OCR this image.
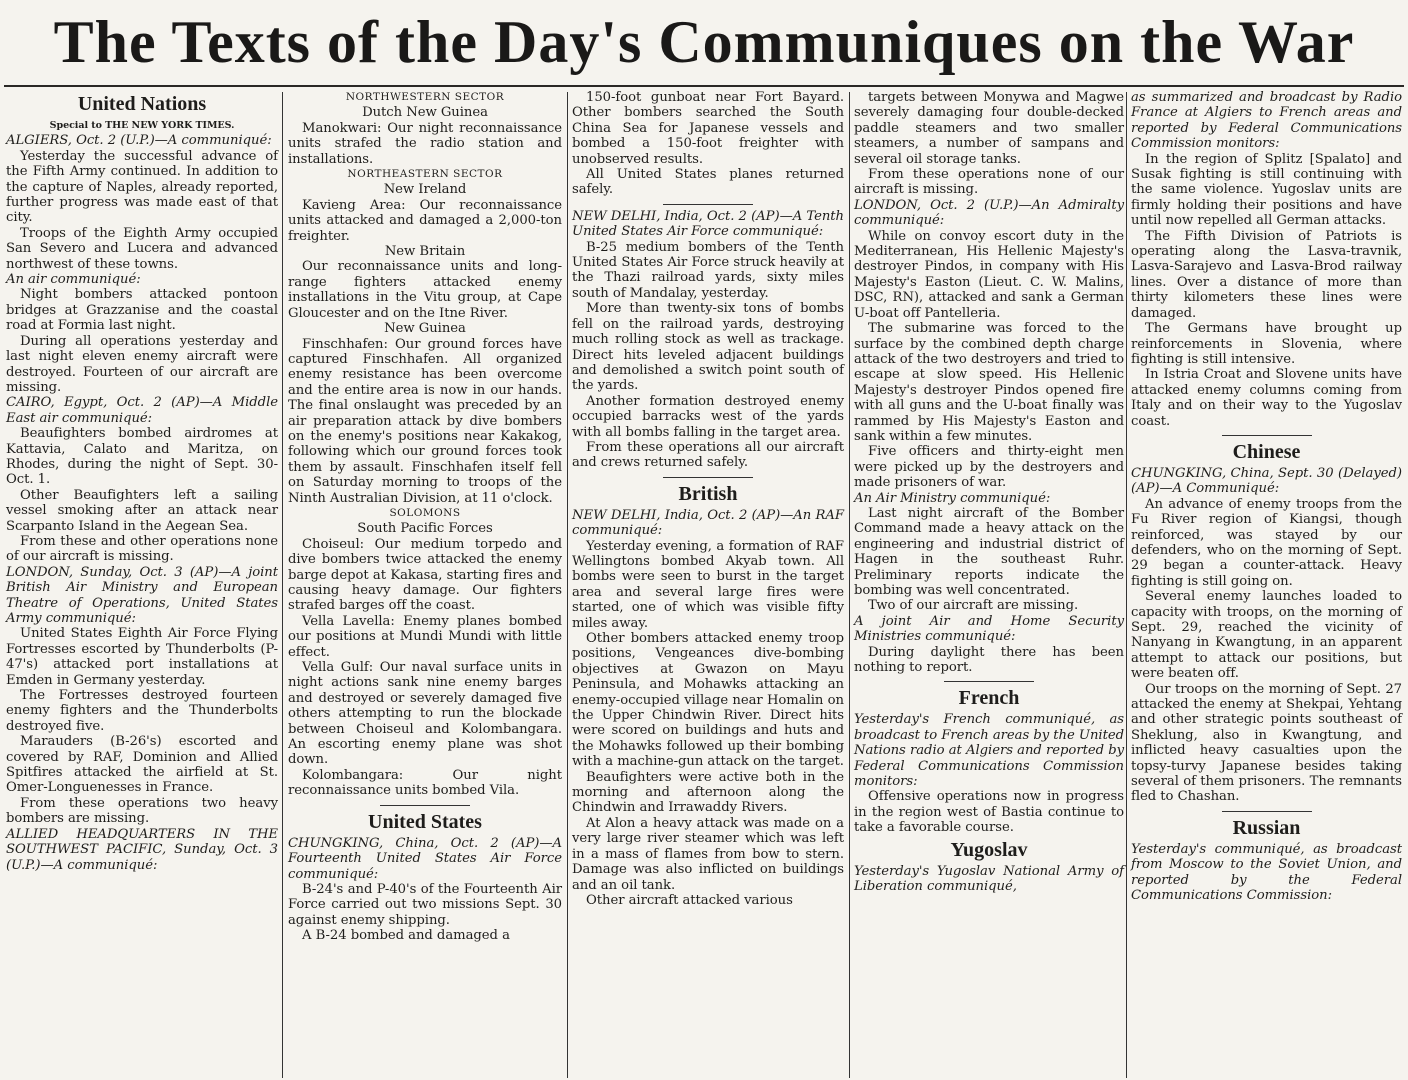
The Texts of the Day's Communiques on the War
United Nations

Special to THE NEW YORK TIMES.

ALGIERS, Oct. 2 (U.P.)—A communiqué:

Yesterday the successful advance of the Fifth Army continued. In addition to the capture of Naples, already reported, further progress was made east of that city.

Troops of the Eighth Army occupied San Severo and Lucera and advanced northwest of these towns.

An air communiqué:

Night bombers attacked pontoon bridges at Grazzanise and the coastal road at Formia last night.

During all operations yesterday and last night eleven enemy aircraft were destroyed. Fourteen of our aircraft are missing.

CAIRO, Egypt, Oct. 2 (AP)—A Middle East air communiqué:

Beaufighters bombed airdromes at Kattavia, Calato and Maritza, on Rhodes, during the night of Sept. 30-Oct. 1.

Other Beaufighters left a sailing vessel smoking after an attack near Scarpanto Island in the Aegean Sea.

From these and other operations none of our aircraft is missing.

LONDON, Sunday, Oct. 3 (AP)—A joint British Air Ministry and European Theatre of Operations, United States Army communiqué:

United States Eighth Air Force Flying Fortresses escorted by Thunderbolts (P-47's) attacked port installations at Emden in Germany yesterday.

The Fortresses destroyed fourteen enemy fighters and the Thunderbolts destroyed five.

Marauders (B-26's) escorted and covered by RAF, Dominion and Allied Spitfires attacked the airfield at St. Omer-Longuenesses in France.

From these operations two heavy bombers are missing.

ALLIED HEADQUARTERS IN THE SOUTHWEST PACIFIC, Sunday, Oct. 3 (U.P.)—A communiqué:

NORTHWESTERN SECTOR

Dutch New Guinea

Manokwari: Our night reconnaissance units strafed the radio station and installations.

NORTHEASTERN SECTOR

New Ireland

Kavieng Area: Our reconnaissance units attacked and damaged a 2,000-ton freighter.

New Britain

Our reconnaissance units and long-range fighters attacked enemy installations in the Vitu group, at Cape Gloucester and on the Itne River.

New Guinea

Finschhafen: Our ground forces have captured Finschhafen. All organized enemy resistance has been overcome and the entire area is now in our hands. The final onslaught was preceded by an air preparation attack by dive bombers on the enemy's positions near Kakakog, following which our ground forces took them by assault. Finschhafen itself fell on Saturday morning to troops of the Ninth Australian Division, at 11 o'clock.

SOLOMONS

South Pacific Forces

Choiseul: Our medium torpedo and dive bombers twice attacked the enemy barge depot at Kakasa, starting fires and causing heavy damage. Our fighters strafed barges off the coast.

Vella Lavella: Enemy planes bombed our positions at Mundi Mundi with little effect.

Vella Gulf: Our naval surface units in night actions sank nine enemy barges and destroyed or severely damaged five others attempting to run the blockade between Choiseul and Kolombangara. An escorting enemy plane was shot down.

Kolombangara: Our night reconnaissance units bombed Vila.

United States

CHUNGKING, China, Oct. 2 (AP)—A Fourteenth United States Air Force communiqué:

B-24's and P-40's of the Fourteenth Air Force carried out two missions Sept. 30 against enemy shipping.

A B-24 bombed and damaged a

150-foot gunboat near Fort Bayard. Other bombers searched the South China Sea for Japanese vessels and bombed a 150-foot freighter with unobserved results.

All United States planes returned safely.

NEW DELHI, India, Oct. 2 (AP)—A Tenth United States Air Force communiqué:

B-25 medium bombers of the Tenth United States Air Force struck heavily at the Thazi railroad yards, sixty miles south of Mandalay, yesterday.

More than twenty-six tons of bombs fell on the railroad yards, destroying much rolling stock as well as trackage. Direct hits leveled adjacent buildings and demolished a switch point south of the yards.

Another formation destroyed enemy occupied barracks west of the yards with all bombs falling in the target area.

From these operations all our aircraft and crews returned safely.

British

NEW DELHI, India, Oct. 2 (AP)—An RAF communiqué:

Yesterday evening, a formation of RAF Wellingtons bombed Akyab town. All bombs were seen to burst in the target area and several large fires were started, one of which was visible fifty miles away.

Other bombers attacked enemy troop positions, Vengeances dive-bombing objectives at Gwazon on Mayu Peninsula, and Mohawks attacking an enemy-occupied village near Homalin on the Upper Chindwin River. Direct hits were scored on buildings and huts and the Mohawks followed up their bombing with a machine-gun attack on the target.

Beaufighters were active both in the morning and afternoon along the Chindwin and Irrawaddy Rivers.

At Alon a heavy attack was made on a very large river steamer which was left in a mass of flames from bow to stern. Damage was also inflicted on buildings and an oil tank.

Other aircraft attacked various

targets between Monywa and Magwe severely damaging four double-decked paddle steamers and two smaller steamers, a number of sampans and several oil storage tanks.

From these operations none of our aircraft is missing.

LONDON, Oct. 2 (U.P.)—An Admiralty communiqué:

While on convoy escort duty in the Mediterranean, His Hellenic Majesty's destroyer Pindos, in company with His Majesty's Easton (Lieut. C. W. Malins, DSC, RN), attacked and sank a German U-boat off Pantelleria.

The submarine was forced to the surface by the combined depth charge attack of the two destroyers and tried to escape at slow speed. His Hellenic Majesty's destroyer Pindos opened fire with all guns and the U-boat finally was rammed by His Majesty's Easton and sank within a few minutes.

Five officers and thirty-eight men were picked up by the destroyers and made prisoners of war.

An Air Ministry communiqué:

Last night aircraft of the Bomber Command made a heavy attack on the engineering and industrial district of Hagen in the southeast Ruhr. Preliminary reports indicate the bombing was well concentrated.

Two of our aircraft are missing.

A joint Air and Home Security Ministries communiqué:

During daylight there has been nothing to report.

French

Yesterday's French communiqué, as broadcast to French areas by the United Nations radio at Algiers and reported by Federal Communications Commission monitors:

Offensive operations now in progress in the region west of Bastia continue to take a favorable course.

Yugoslav

Yesterday's Yugoslav National Army of Liberation communiqué,

as summarized and broadcast by Radio France at Algiers to French areas and reported by Federal Communications Commission monitors:

In the region of Splitz [Spalato] and Susak fighting is still continuing with the same violence. Yugoslav units are firmly holding their positions and have until now repelled all German attacks.

The Fifth Division of Patriots is operating along the Lasva-travnik, Lasva-Sarajevo and Lasva-Brod railway lines. Over a distance of more than thirty kilometers these lines were damaged.

The Germans have brought up reinforcements in Slovenia, where fighting is still intensive.

In Istria Croat and Slovene units have attacked enemy columns coming from Italy and on their way to the Yugoslav coast.

Chinese

CHUNGKING, China, Sept. 30 (Delayed) (AP)—A Communiqué:

An advance of enemy troops from the Fu River region of Kiangsi, though reinforced, was stayed by our defenders, who on the morning of Sept. 29 began a counter-attack. Heavy fighting is still going on.

Several enemy launches loaded to capacity with troops, on the morning of Sept. 29, reached the vicinity of Nanyang in Kwangtung, in an apparent attempt to attack our positions, but were beaten off.

Our troops on the morning of Sept. 27 attacked the enemy at Shekpai, Yehtang and other strategic points southeast of Sheklung, also in Kwangtung, and inflicted heavy casualties upon the topsy-turvy Japanese besides taking several of them prisoners. The remnants fled to Chashan.

Russian

Yesterday's communiqué, as broadcast from Moscow to the Soviet Union, and reported by the Federal Communications Commission:
